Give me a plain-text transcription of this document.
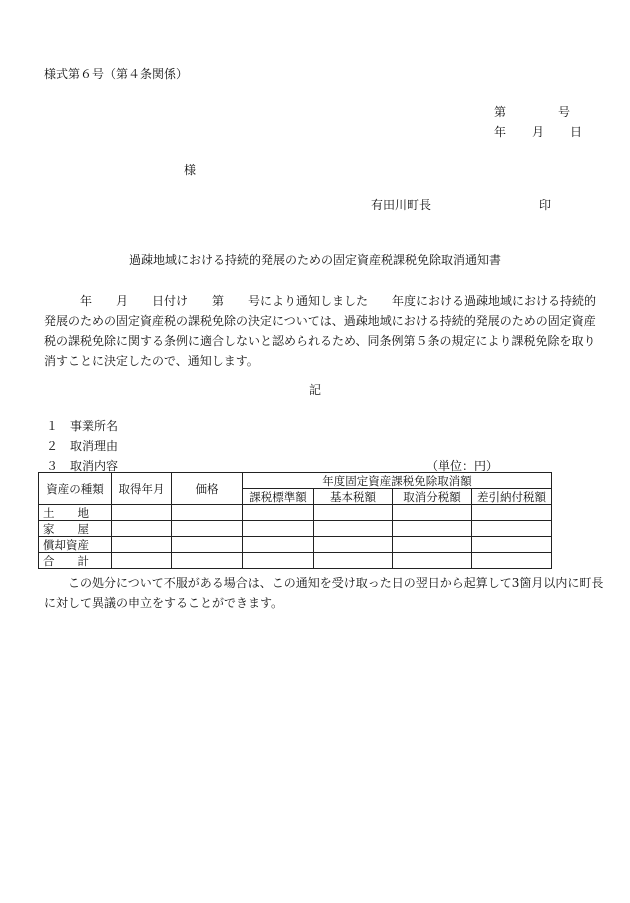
様式第６号（第４条関係）
第	号
年 月 日
様
有田川町長	印
過疎地域における持続的発展のための固定資産税課税免除取消通知書

　　　年　　月　　日付け　　第　　号により通知しました　　年度における過疎地域における持続的
発展のための固定資産税の課税免除の決定については、過疎地域における持続的発展のための固定資産
税の課税免除に関する条例に適合しないと認められるため、同条例第５条の規定により課税免除を取り
消すことに決定したので、通知します。

記
１ 事業所名
２ 取消理由
３ 取消内容	（単位：円）
資産の種類	取得年月	価格	年度固定資産課税免除取消額			
			課税標準額	基本税額	取消分税額	差引納付税額
土　　地						
家　　屋						
償却資産						
合　　計						

　　この処分について不服がある場合は、この通知を受け取った日の翌日から起算して3箇月以内に町長
に対して異議の申立をすることができます。
